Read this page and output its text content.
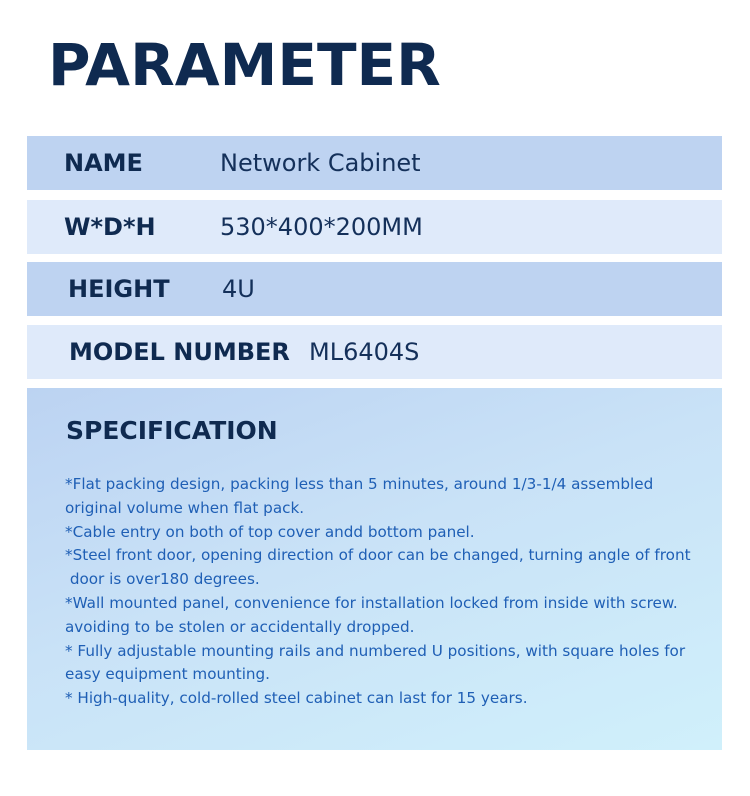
PARAMETER
NAME	Network Cabinet
W*D*H	530*400*200MM
HEIGHT 4U
MODEL NUMBER ML6404S
SPECIFICATION
*Flat packing design, packing less than 5 minutes, around 1/3-1/4 assembled
original volume when flat pack.
*Cable entry on both of top cover andd bottom panel.
*Steel front door, opening direction of door can be changed, turning angle of front
door is over180 degrees.
*Wall mounted panel, convenience for installation locked from inside with screw.
avoiding to be stolen or accidentally dropped.
* Fully adjustable mounting rails and numbered U positions, with square holes for
easy equipment mounting.
* High-quality, cold-rolled steel cabinet can last for 15 years.
